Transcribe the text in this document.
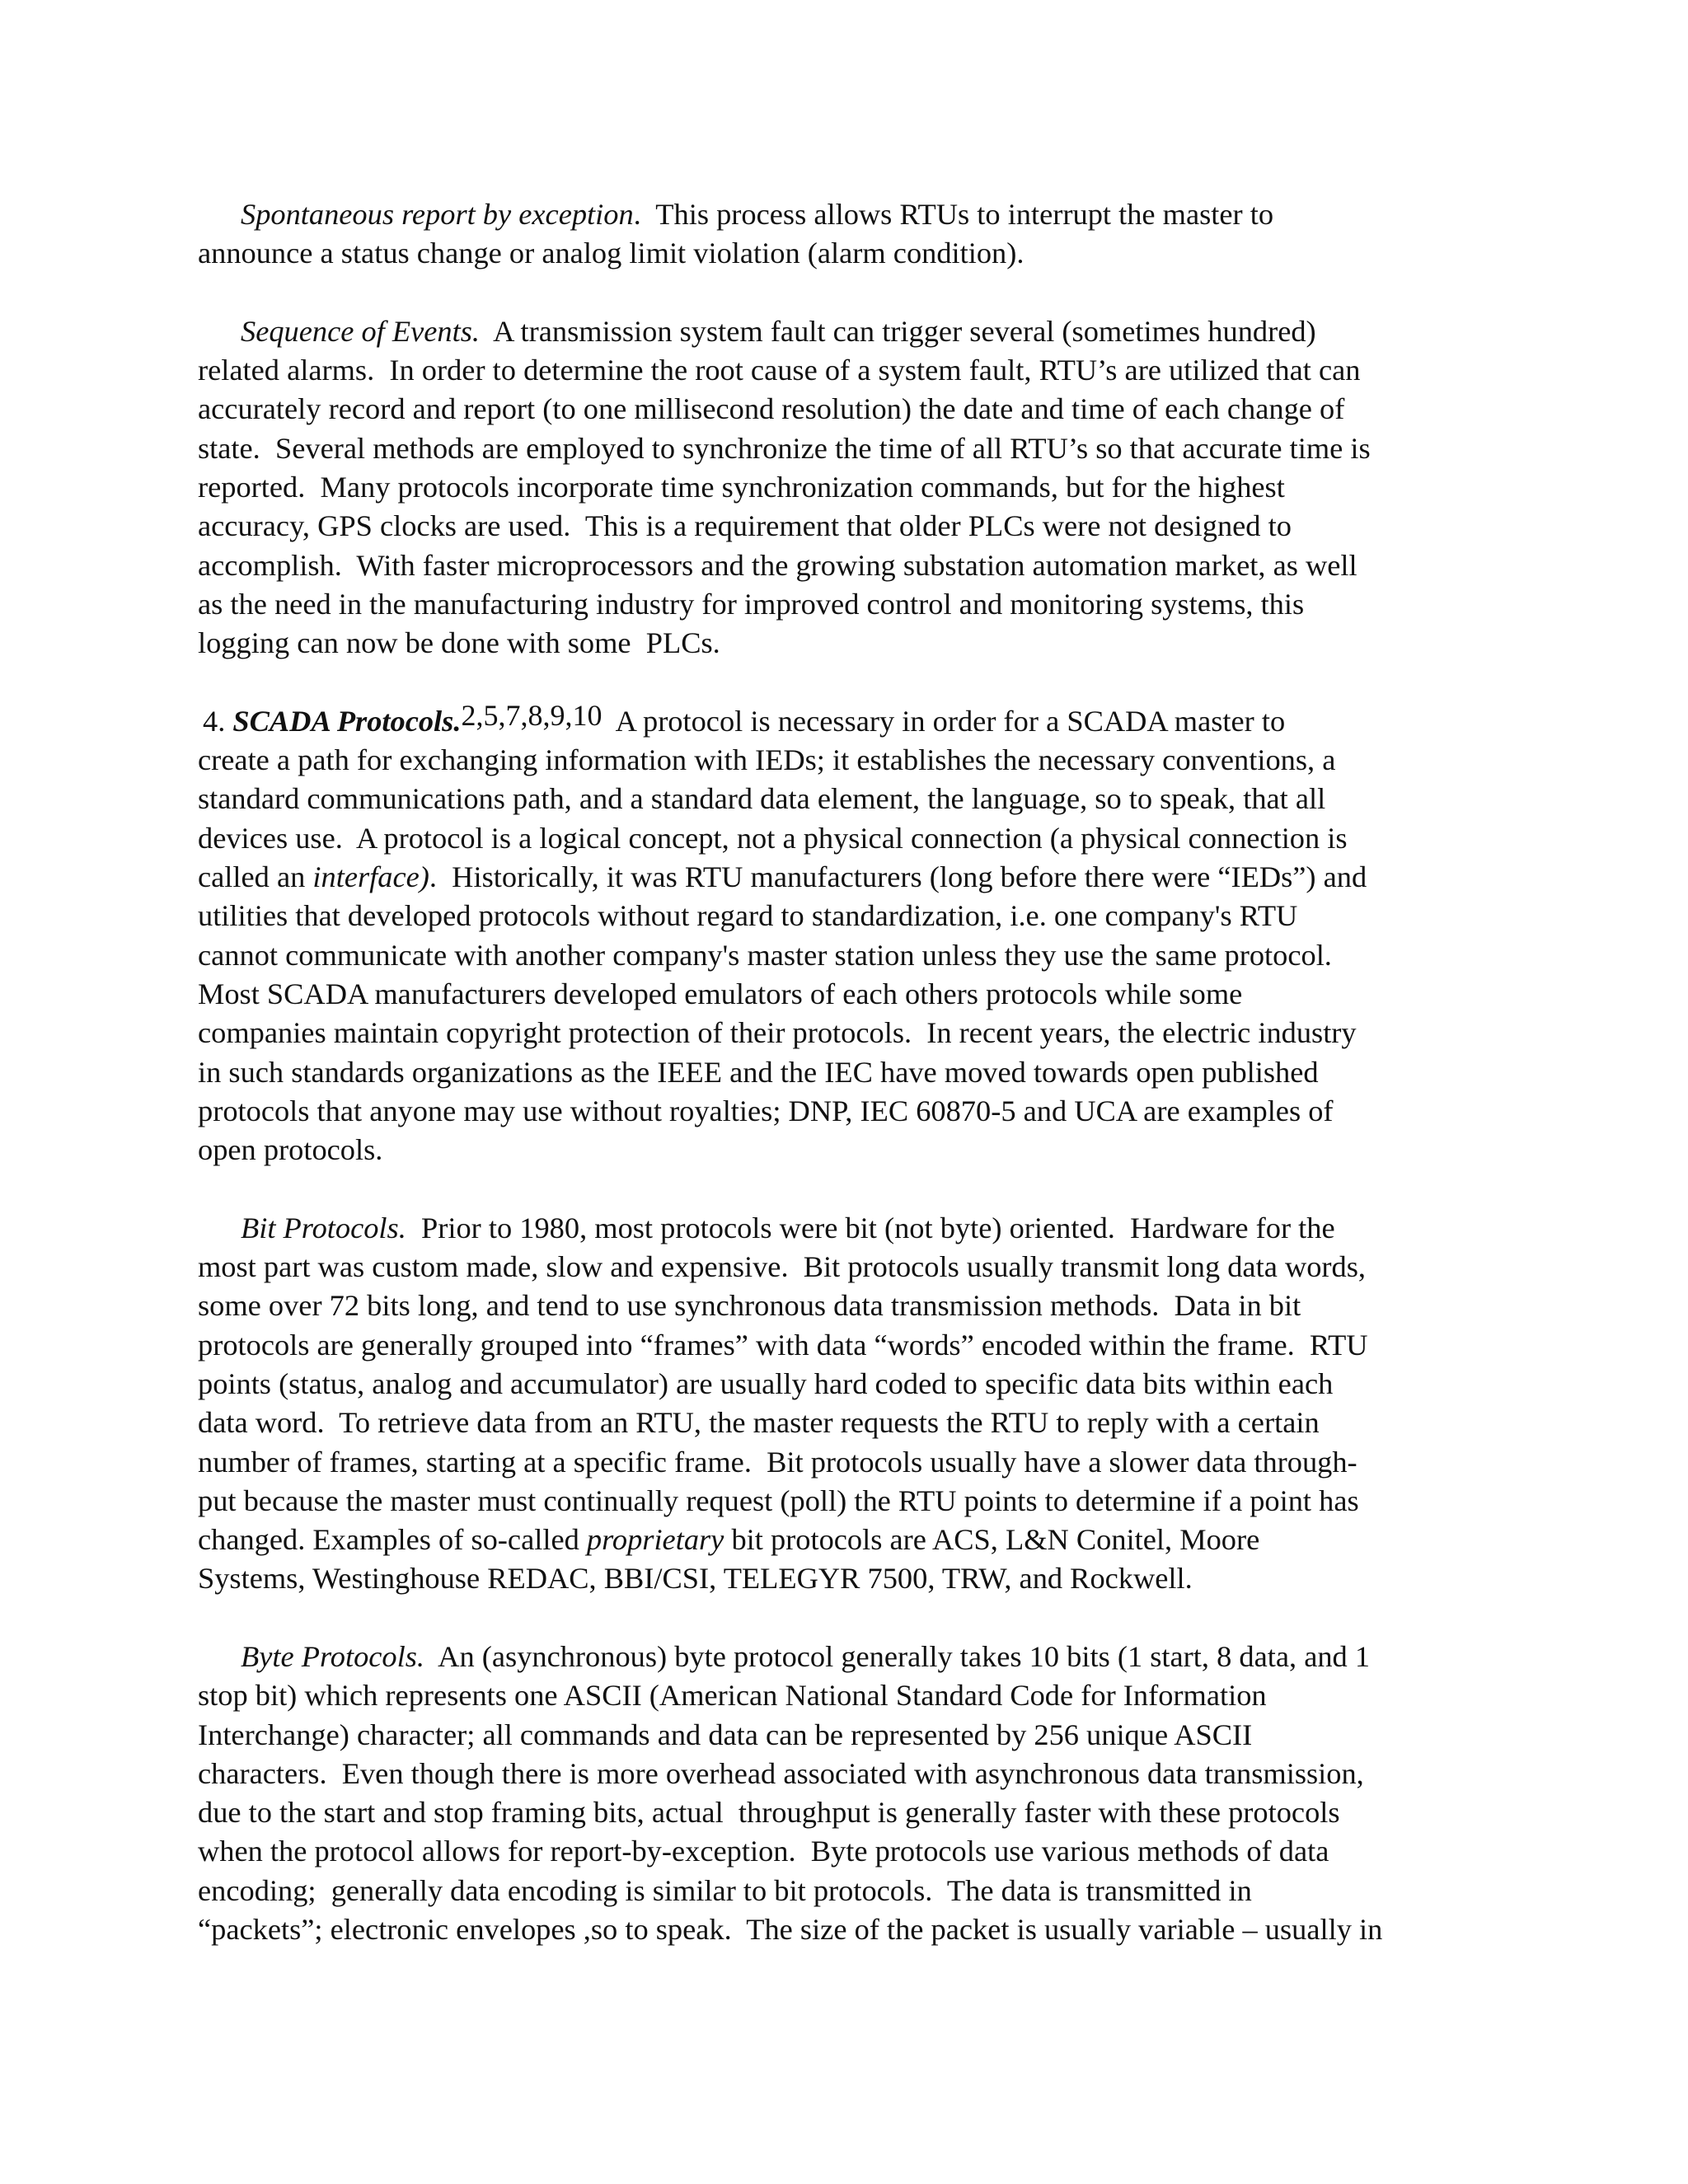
Spontaneous report by exception.  This process allows RTUs to interrupt the master to
announce a status change or analog limit violation (alarm condition).

Sequence of Events.  A transmission system fault can trigger several (sometimes hundred)
related alarms.  In order to determine the root cause of a system fault, RTU’s are utilized that can
accurately record and report (to one millisecond resolution) the date and time of each change of
state.  Several methods are employed to synchronize the time of all RTU’s so that accurate time is
reported.  Many protocols incorporate time synchronization commands, but for the highest
accuracy, GPS clocks are used.  This is a requirement that older PLCs were not designed to
accomplish.  With faster microprocessors and the growing substation automation market, as well
as the need in the manufacturing industry for improved control and monitoring systems, this
logging can now be done with some  PLCs.

4. SCADA Protocols.2,5,7,8,9,10  A protocol is necessary in order for a SCADA master to
create a path for exchanging information with IEDs; it establishes the necessary conventions, a
standard communications path, and a standard data element, the language, so to speak, that all
devices use.  A protocol is a logical concept, not a physical connection (a physical connection is
called an interface).  Historically, it was RTU manufacturers (long before there were “IEDs”) and
utilities that developed protocols without regard to standardization, i.e. one company's RTU
cannot communicate with another company's master station unless they use the same protocol.
Most SCADA manufacturers developed emulators of each others protocols while some
companies maintain copyright protection of their protocols.  In recent years, the electric industry
in such standards organizations as the IEEE and the IEC have moved towards open published
protocols that anyone may use without royalties; DNP, IEC 60870-5 and UCA are examples of
open protocols.

Bit Protocols.  Prior to 1980, most protocols were bit (not byte) oriented.  Hardware for the
most part was custom made, slow and expensive.  Bit protocols usually transmit long data words,
some over 72 bits long, and tend to use synchronous data transmission methods.  Data in bit
protocols are generally grouped into “frames” with data “words” encoded within the frame.  RTU
points (status, analog and accumulator) are usually hard coded to specific data bits within each
data word.  To retrieve data from an RTU, the master requests the RTU to reply with a certain
number of frames, starting at a specific frame.  Bit protocols usually have a slower data through-
put because the master must continually request (poll) the RTU points to determine if a point has
changed. Examples of so-called proprietary bit protocols are ACS, L&N Conitel, Moore
Systems, Westinghouse REDAC, BBI/CSI, TELEGYR 7500, TRW, and Rockwell.

Byte Protocols.  An (asynchronous) byte protocol generally takes 10 bits (1 start, 8 data, and 1
stop bit) which represents one ASCII (American National Standard Code for Information
Interchange) character; all commands and data can be represented by 256 unique ASCII
characters.  Even though there is more overhead associated with asynchronous data transmission,
due to the start and stop framing bits, actual  throughput is generally faster with these protocols
when the protocol allows for report-by-exception.  Byte protocols use various methods of data
encoding;  generally data encoding is similar to bit protocols.  The data is transmitted in
“packets”; electronic envelopes ,so to speak.  The size of the packet is usually variable – usually in
